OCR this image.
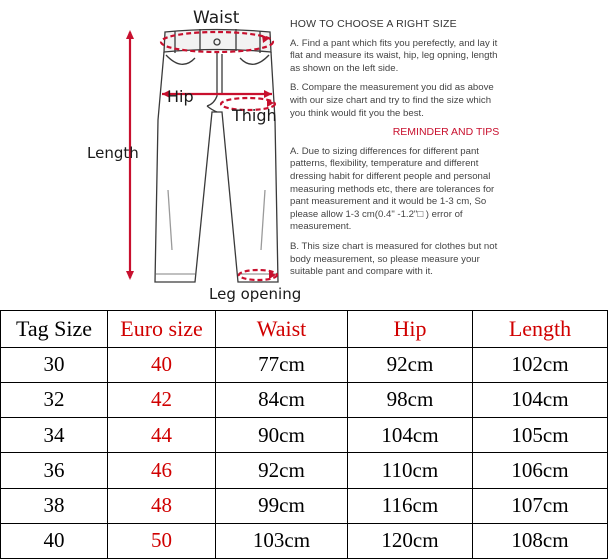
Waist
Hip
Thigh
Length
Leg opening

HOW TO CHOOSE A RIGHT SIZE

A. Find a pant which fits you perefectly, and lay it

flat and measure its waist, hip, leg opning, length

as shown on the left side.

B. Compare the measurement you did as above

with our size chart and try to find the size which

you think would fit you the best.

REMINDER AND TIPS

A. Due to sizing differences for different pant

patterns, flexibility, temperature and different

dressing habit for different people and personal

measuring methods etc, there are tolerances for

pant measurement and it would be 1-3 cm, So

please allow 1-3 cm(0.4" -1.2"□ ) error of

measurement.

B. This size chart is measured for clothes but not

body measurement, so please measure your

suitable pant and compare with it.

Tag Size	Euro size	Waist	Hip	Length
30	40	77cm	92cm	102cm
32	42	84cm	98cm	104cm
34	44	90cm	104cm	105cm
36	46	92cm	110cm	106cm
38	48	99cm	116cm	107cm
40	50	103cm	120cm	108cm
